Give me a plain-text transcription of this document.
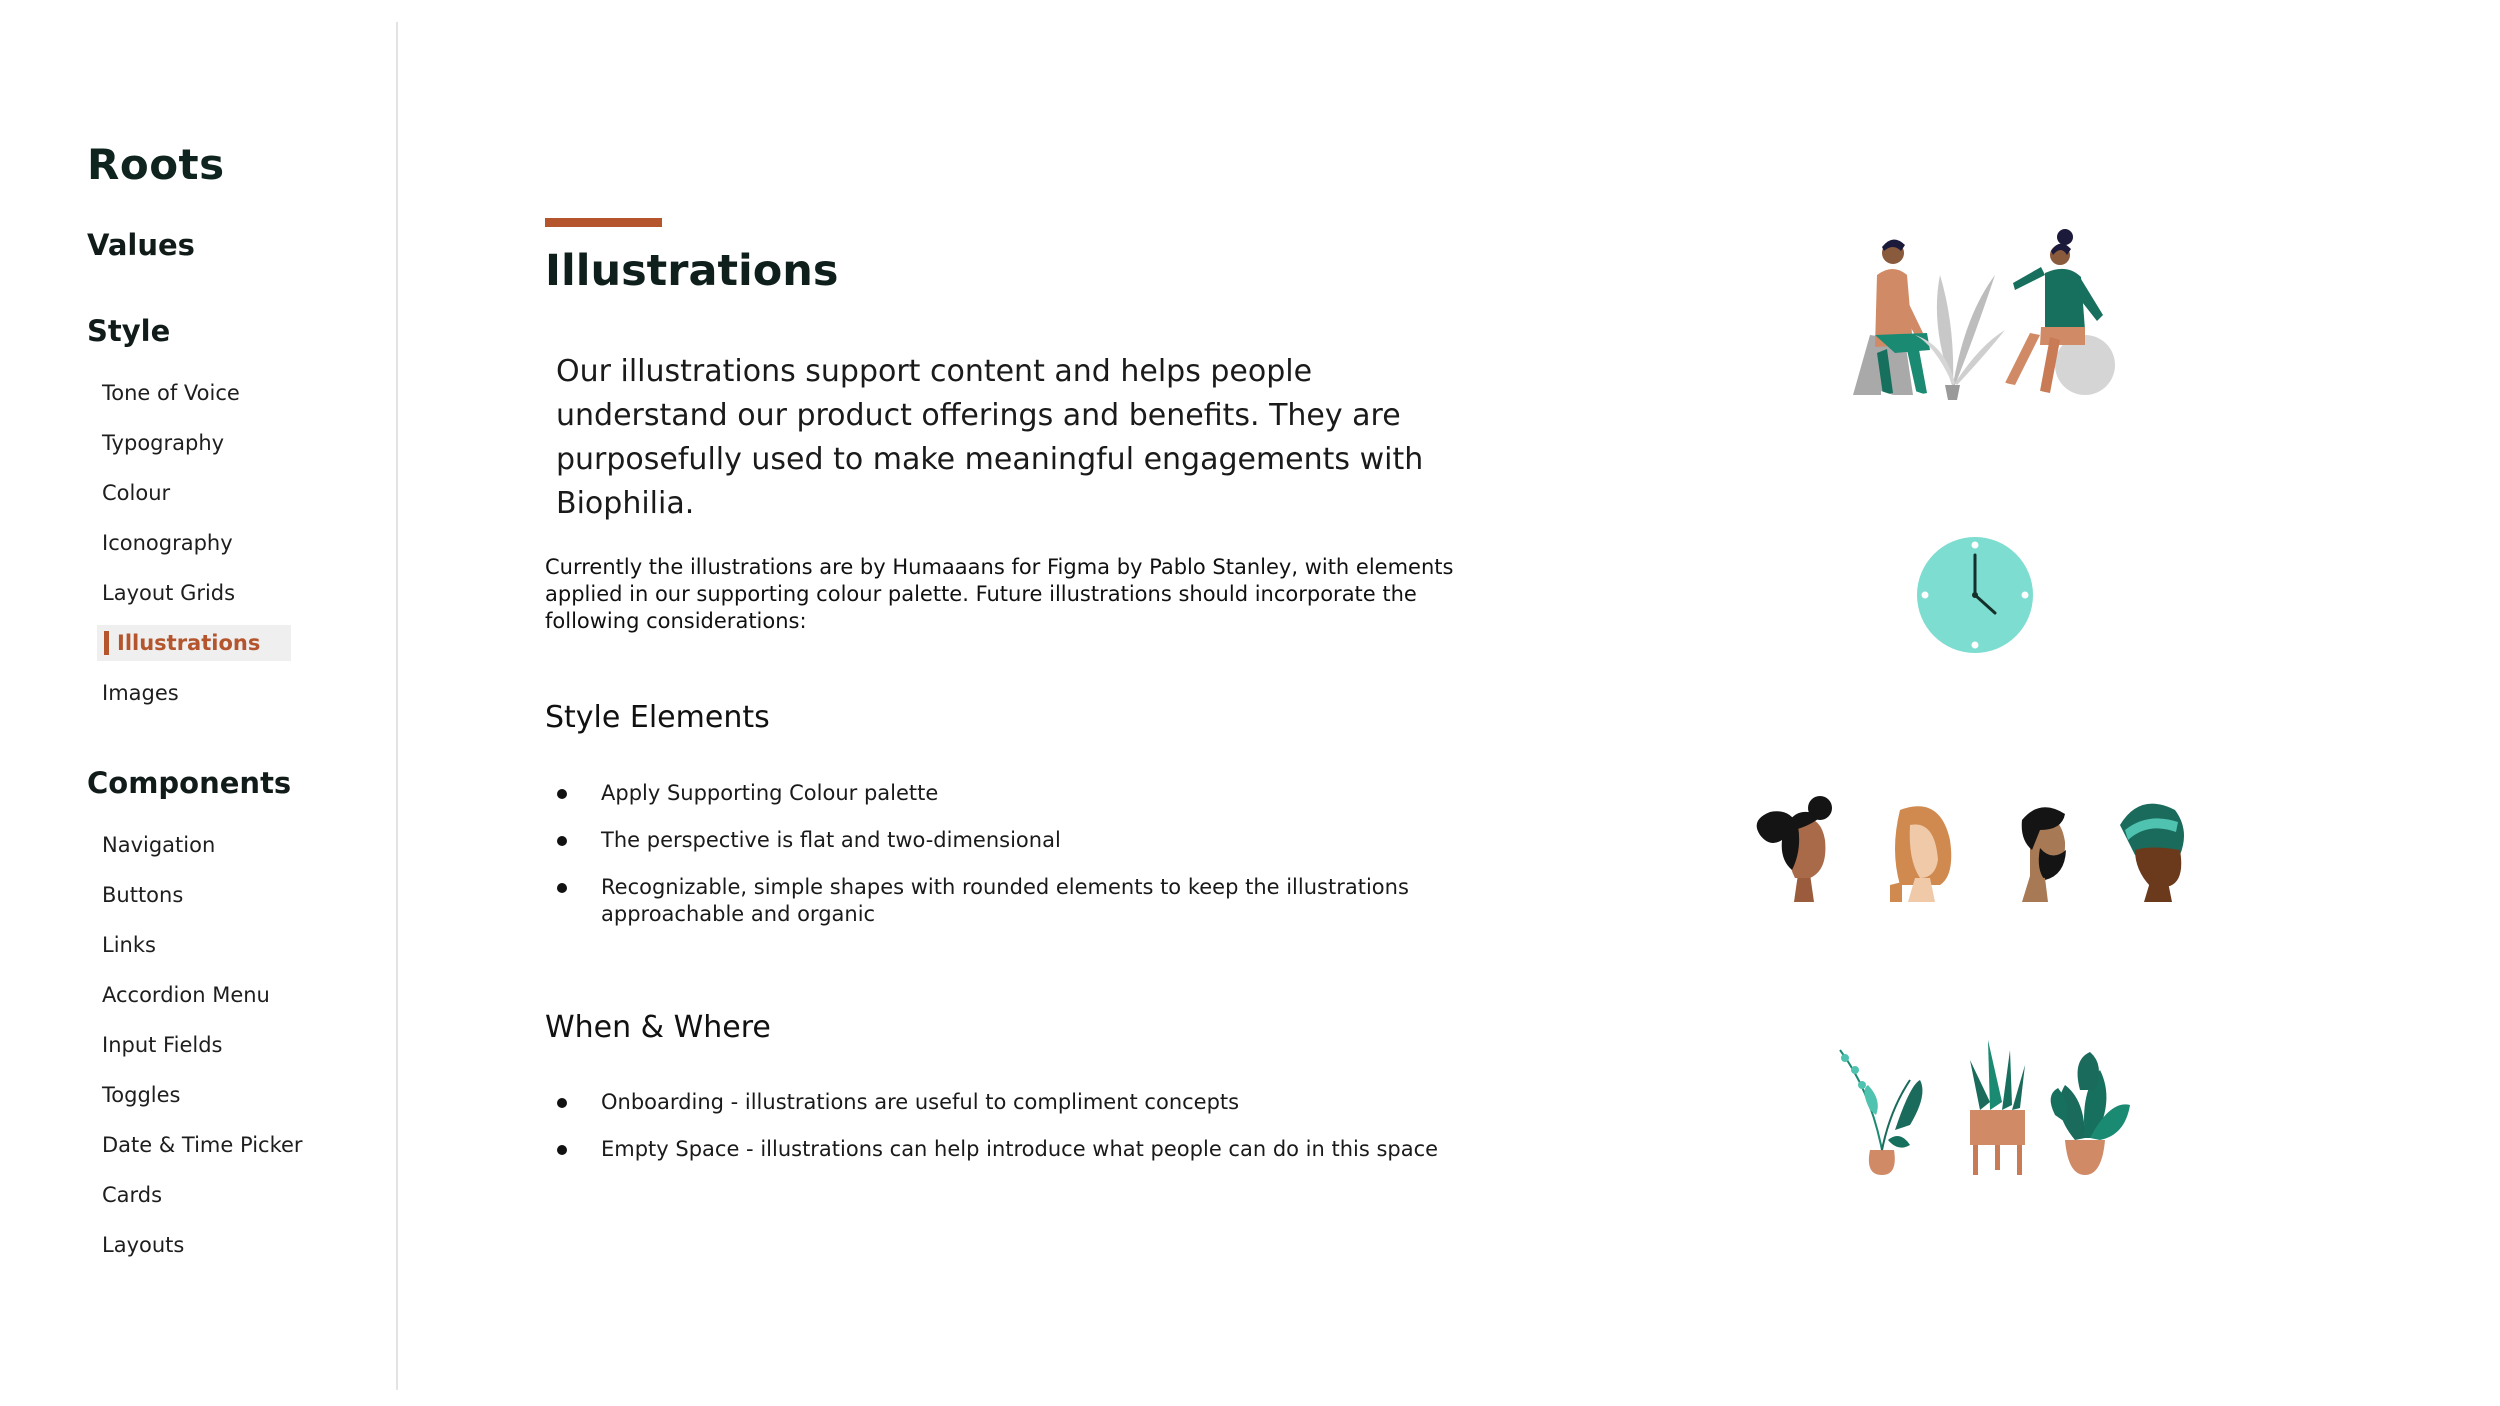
Roots
Values
Style
Tone of Voice
Typography
Colour
Iconography
Layout Grids
Illustrations
Images
Components
Navigation
Buttons
Links
Accordion Menu
Input Fields
Toggles
Date & Time Picker
Cards
Layouts
Illustrations

Our illustrations support content and helps people understand our product offerings and benefits. They are purposefully used to make meaningful engagements with Biophilia.

Currently the illustrations are by Humaaans for Figma by Pablo Stanley, with elements applied in our supporting colour palette. Future illustrations should incorporate the following considerations:

Style Elements
Apply Supporting Colour palette
The perspective is flat and two-dimensional
Recognizable, simple shapes with rounded elements to keep the illustrations approachable and organic
When & Where
Onboarding - illustrations are useful to compliment concepts
Empty Space - illustrations can help introduce what people can do in this space
